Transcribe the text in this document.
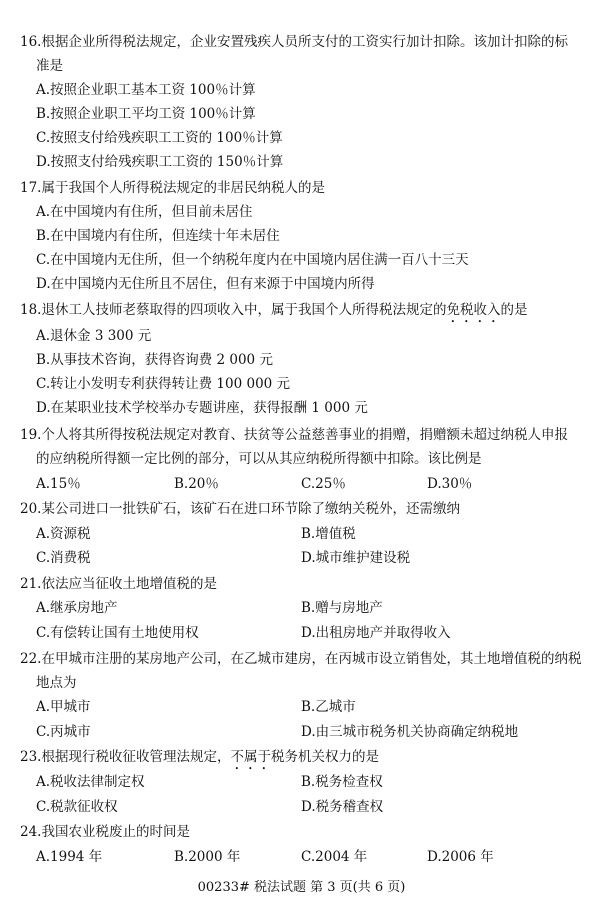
16.根据企业所得税法规定，企业安置残疾人员所支付的工资实行加计扣除。该加计扣除的标
准是
A.按照企业职工基本工资 100％计算
B.按照企业职工平均工资 100％计算
C.按照支付给残疾职工工资的 100％计算
D.按照支付给残疾职工工资的 150％计算
17.属于我国个人所得税法规定的非居民纳税人的是
A.在中国境内有住所，但目前未居住
B.在中国境内有住所，但连续十年未居住
C.在中国境内无住所，但一个纳税年度内在中国境内居住满一百八十三天
D.在中国境内无住所且不居住，但有来源于中国境内所得
18.退休工人技师老蔡取得的四项收入中，属于我国个人所得税法规定的免税收入的是
A.退休金 3 300 元
B.从事技术咨询，获得咨询费 2 000 元
C.转让小发明专利获得转让费 100 000 元
D.在某职业技术学校举办专题讲座，获得报酬 1 000 元
19.个人将其所得按税法规定对教育、扶贫等公益慈善事业的捐赠，捐赠额未超过纳税人申报
的应纳税所得额一定比例的部分，可以从其应纳税所得额中扣除。该比例是
A.15％	B.20％	C.25％	D.30％
20.某公司进口一批铁矿石，该矿石在进口环节除了缴纳关税外，还需缴纳
A.资源税	B.增值税
C.消费税	D.城市维护建设税
21.依法应当征收土地增值税的是
A.继承房地产	B.赠与房地产
C.有偿转让国有土地使用权	D.出租房地产并取得收入
22.在甲城市注册的某房地产公司，在乙城市建房，在丙城市设立销售处，其土地增值税的纳税
地点为
A.甲城市	B.乙城市
C.丙城市	D.由三城市税务机关协商确定纳税地
23.根据现行税收征收管理法规定，不属于税务机关权力的是
A.税收法律制定权	B.税务检查权
C.税款征收权	D.税务稽查权
24.我国农业税废止的时间是
A.1994 年	B.2000 年	C.2004 年	D.2006 年
00233# 税法试题 第 3 页(共 6 页)
